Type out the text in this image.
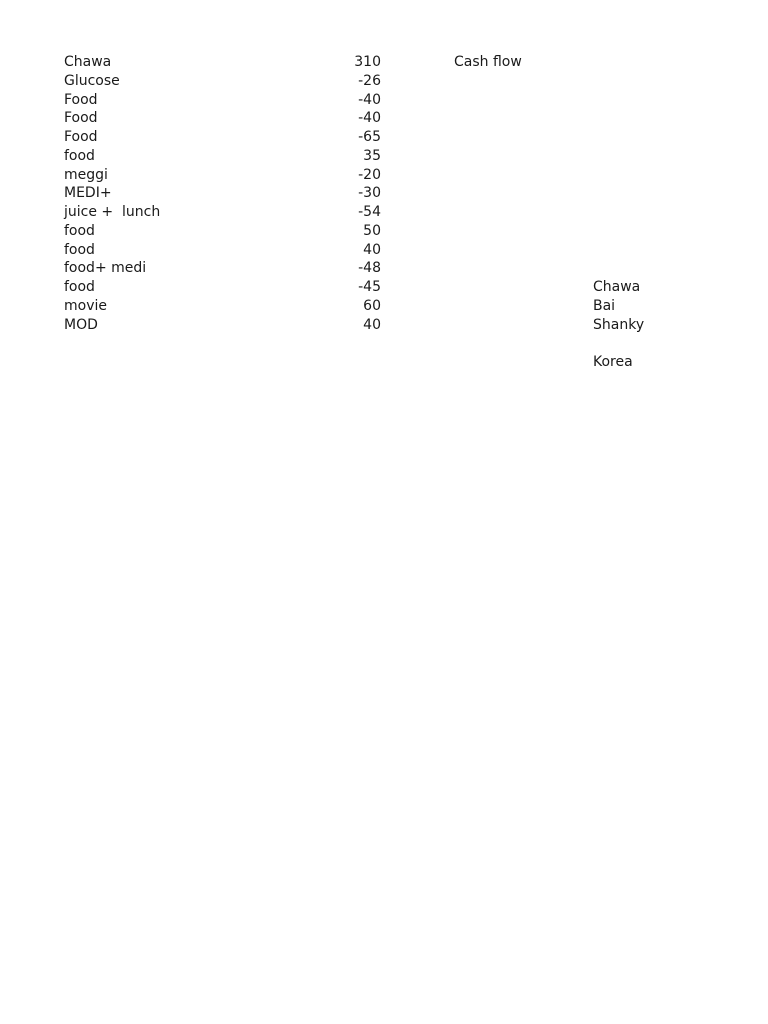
Chawa	310
Glucose	-26
Food	-40
Food	-40
Food	-65
food	35
meggi	-20
MEDI+	-30
juice +  lunch	-54
food	50
food	40
food+ medi	-48
food	-45
movie	60
MOD	40
Cash flow
Chawa
Bai
Shanky
Korea
